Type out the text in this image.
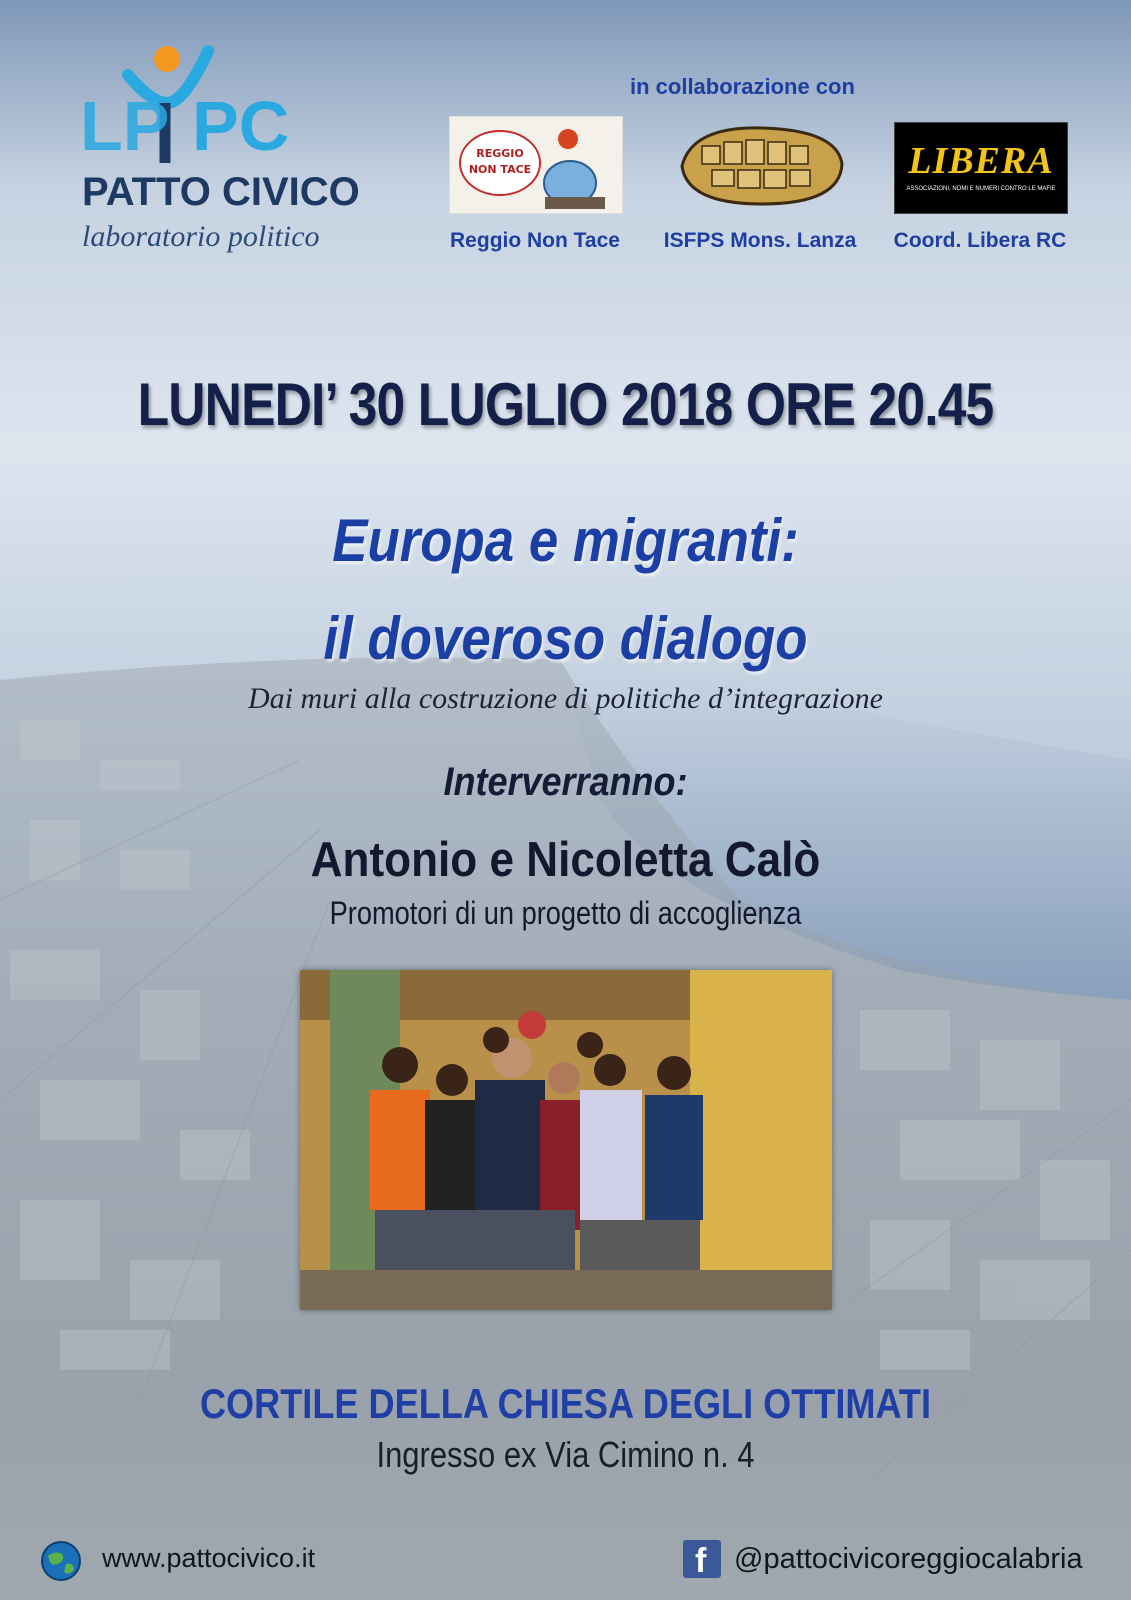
LP PC
PATTO CIVICO
laboratorio politico
in collaborazione con
REGGIO
NON TACE
Reggio Non Tace	ISFPS Mons. Lanza
LIBERA
ASSOCIAZIONI, NOMI E NUMERI CONTRO LE MAFIE
Coord. Libera RC
LUNEDI’ 30 LUGLIO 2018 ORE 20.45
Europa e migranti:
il doveroso dialogo
Dai muri alla costruzione di politiche d’integrazione
Interverranno:
Antonio e Nicoletta Calò
Promotori di un progetto di accoglienza
CORTILE DELLA CHIESA DEGLI OTTIMATI
Ingresso ex Via Cimino n. 4
www.pattocivico.it	f @pattocivicoreggiocalabria
